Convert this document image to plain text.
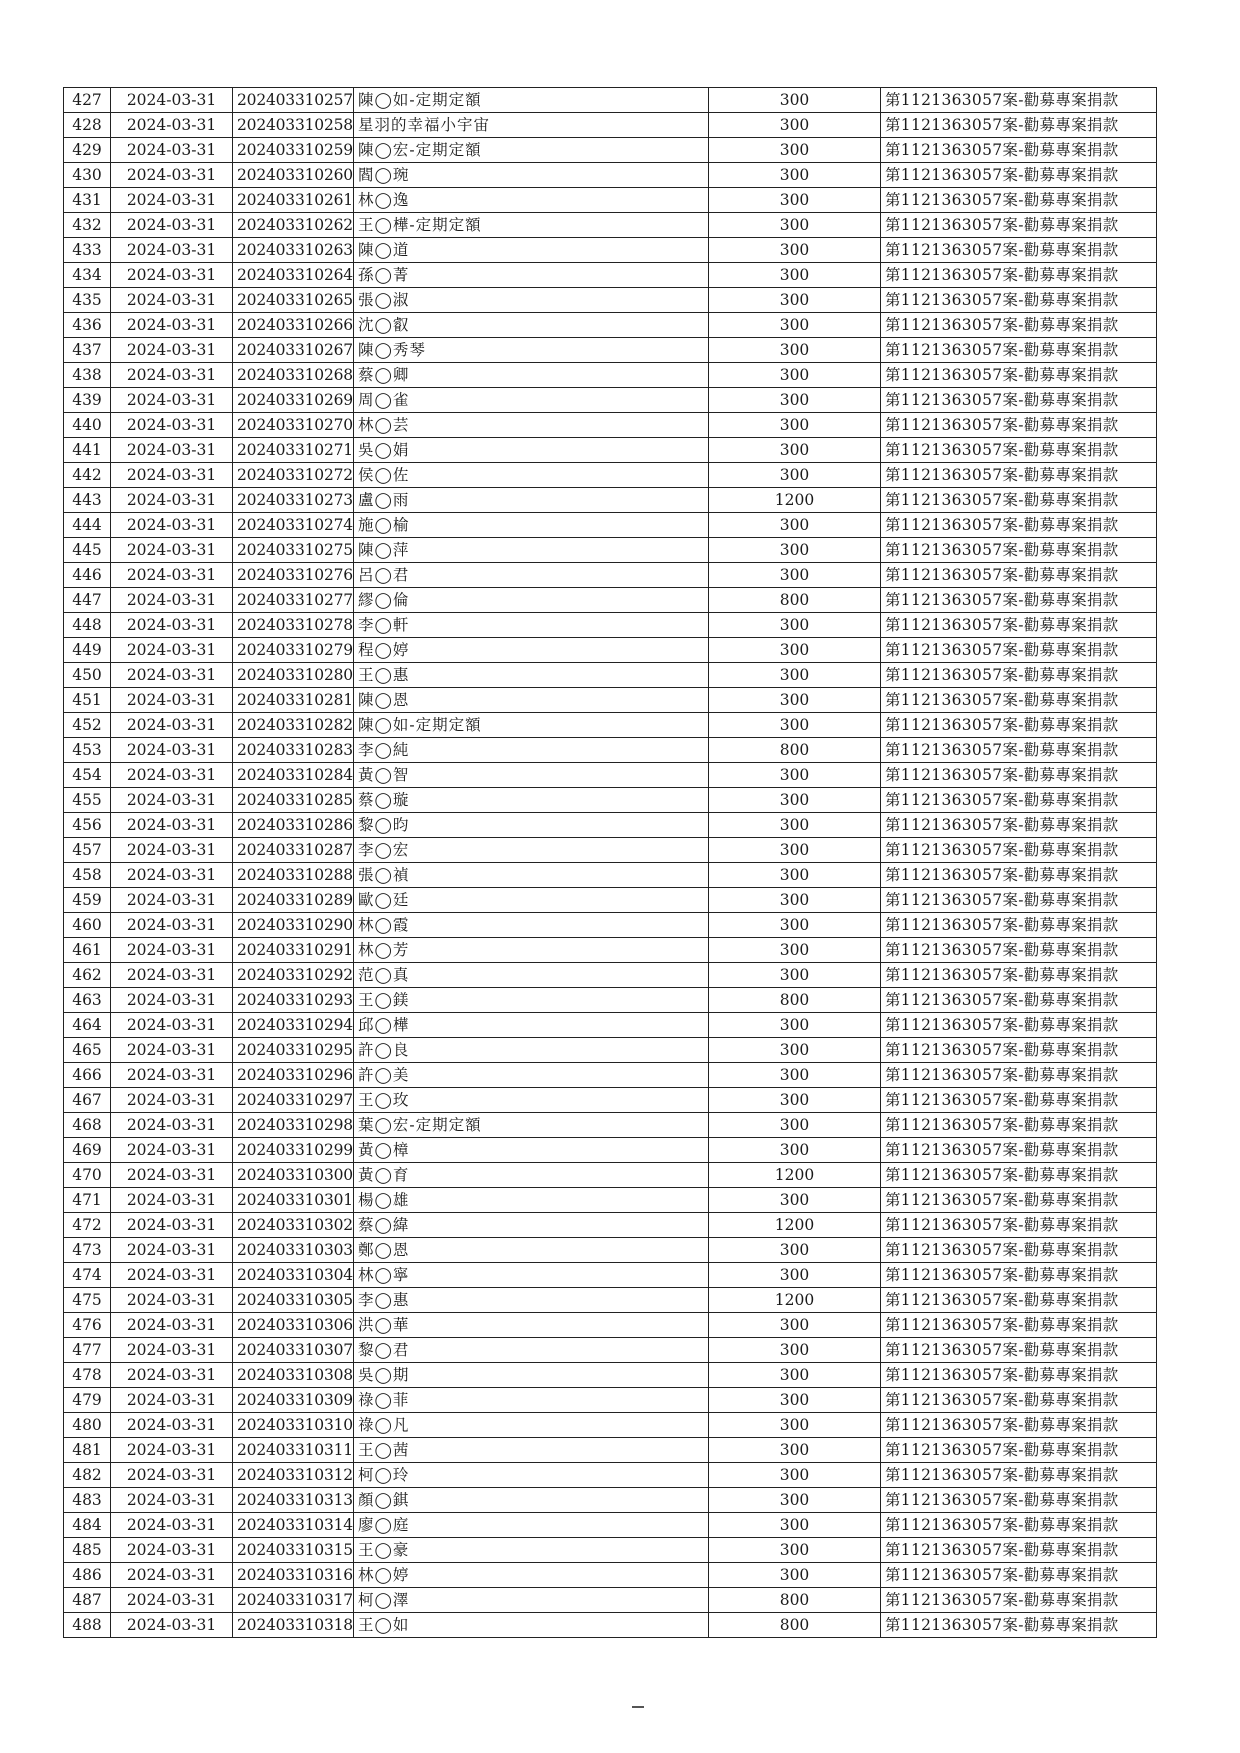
427	2024-03-31	202403310257	陳◯如-定期定額	300	第1121363057案-勸募專案捐款
428	2024-03-31	202403310258	星羽的幸福小宇宙	300	第1121363057案-勸募專案捐款
429	2024-03-31	202403310259	陳◯宏-定期定額	300	第1121363057案-勸募專案捐款
430	2024-03-31	202403310260	閻◯琬	300	第1121363057案-勸募專案捐款
431	2024-03-31	202403310261	林◯逸	300	第1121363057案-勸募專案捐款
432	2024-03-31	202403310262	王◯樺-定期定額	300	第1121363057案-勸募專案捐款
433	2024-03-31	202403310263	陳◯道	300	第1121363057案-勸募專案捐款
434	2024-03-31	202403310264	孫◯菁	300	第1121363057案-勸募專案捐款
435	2024-03-31	202403310265	張◯淑	300	第1121363057案-勸募專案捐款
436	2024-03-31	202403310266	沈◯叡	300	第1121363057案-勸募專案捐款
437	2024-03-31	202403310267	陳◯秀琴	300	第1121363057案-勸募專案捐款
438	2024-03-31	202403310268	蔡◯卿	300	第1121363057案-勸募專案捐款
439	2024-03-31	202403310269	周◯雀	300	第1121363057案-勸募專案捐款
440	2024-03-31	202403310270	林◯芸	300	第1121363057案-勸募專案捐款
441	2024-03-31	202403310271	吳◯娟	300	第1121363057案-勸募專案捐款
442	2024-03-31	202403310272	侯◯佐	300	第1121363057案-勸募專案捐款
443	2024-03-31	202403310273	盧◯雨	1200	第1121363057案-勸募專案捐款
444	2024-03-31	202403310274	施◯榆	300	第1121363057案-勸募專案捐款
445	2024-03-31	202403310275	陳◯萍	300	第1121363057案-勸募專案捐款
446	2024-03-31	202403310276	呂◯君	300	第1121363057案-勸募專案捐款
447	2024-03-31	202403310277	繆◯倫	800	第1121363057案-勸募專案捐款
448	2024-03-31	202403310278	李◯軒	300	第1121363057案-勸募專案捐款
449	2024-03-31	202403310279	程◯婷	300	第1121363057案-勸募專案捐款
450	2024-03-31	202403310280	王◯惠	300	第1121363057案-勸募專案捐款
451	2024-03-31	202403310281	陳◯恩	300	第1121363057案-勸募專案捐款
452	2024-03-31	202403310282	陳◯如-定期定額	300	第1121363057案-勸募專案捐款
453	2024-03-31	202403310283	李◯純	800	第1121363057案-勸募專案捐款
454	2024-03-31	202403310284	黃◯智	300	第1121363057案-勸募專案捐款
455	2024-03-31	202403310285	蔡◯璇	300	第1121363057案-勸募專案捐款
456	2024-03-31	202403310286	黎◯昀	300	第1121363057案-勸募專案捐款
457	2024-03-31	202403310287	李◯宏	300	第1121363057案-勸募專案捐款
458	2024-03-31	202403310288	張◯禎	300	第1121363057案-勸募專案捐款
459	2024-03-31	202403310289	歐◯廷	300	第1121363057案-勸募專案捐款
460	2024-03-31	202403310290	林◯霞	300	第1121363057案-勸募專案捐款
461	2024-03-31	202403310291	林◯芳	300	第1121363057案-勸募專案捐款
462	2024-03-31	202403310292	范◯真	300	第1121363057案-勸募專案捐款
463	2024-03-31	202403310293	王◯鎂	800	第1121363057案-勸募專案捐款
464	2024-03-31	202403310294	邱◯樺	300	第1121363057案-勸募專案捐款
465	2024-03-31	202403310295	許◯良	300	第1121363057案-勸募專案捐款
466	2024-03-31	202403310296	許◯美	300	第1121363057案-勸募專案捐款
467	2024-03-31	202403310297	王◯玫	300	第1121363057案-勸募專案捐款
468	2024-03-31	202403310298	葉◯宏-定期定額	300	第1121363057案-勸募專案捐款
469	2024-03-31	202403310299	黃◯樟	300	第1121363057案-勸募專案捐款
470	2024-03-31	202403310300	黃◯育	1200	第1121363057案-勸募專案捐款
471	2024-03-31	202403310301	楊◯雄	300	第1121363057案-勸募專案捐款
472	2024-03-31	202403310302	蔡◯緯	1200	第1121363057案-勸募專案捐款
473	2024-03-31	202403310303	鄭◯恩	300	第1121363057案-勸募專案捐款
474	2024-03-31	202403310304	林◯寧	300	第1121363057案-勸募專案捐款
475	2024-03-31	202403310305	李◯惠	1200	第1121363057案-勸募專案捐款
476	2024-03-31	202403310306	洪◯華	300	第1121363057案-勸募專案捐款
477	2024-03-31	202403310307	黎◯君	300	第1121363057案-勸募專案捐款
478	2024-03-31	202403310308	吳◯期	300	第1121363057案-勸募專案捐款
479	2024-03-31	202403310309	祿◯菲	300	第1121363057案-勸募專案捐款
480	2024-03-31	202403310310	祿◯凡	300	第1121363057案-勸募專案捐款
481	2024-03-31	202403310311	王◯茜	300	第1121363057案-勸募專案捐款
482	2024-03-31	202403310312	柯◯玲	300	第1121363057案-勸募專案捐款
483	2024-03-31	202403310313	顏◯錤	300	第1121363057案-勸募專案捐款
484	2024-03-31	202403310314	廖◯庭	300	第1121363057案-勸募專案捐款
485	2024-03-31	202403310315	王◯豪	300	第1121363057案-勸募專案捐款
486	2024-03-31	202403310316	林◯婷	300	第1121363057案-勸募專案捐款
487	2024-03-31	202403310317	柯◯澤	800	第1121363057案-勸募專案捐款
488	2024-03-31	202403310318	王◯如	800	第1121363057案-勸募專案捐款
